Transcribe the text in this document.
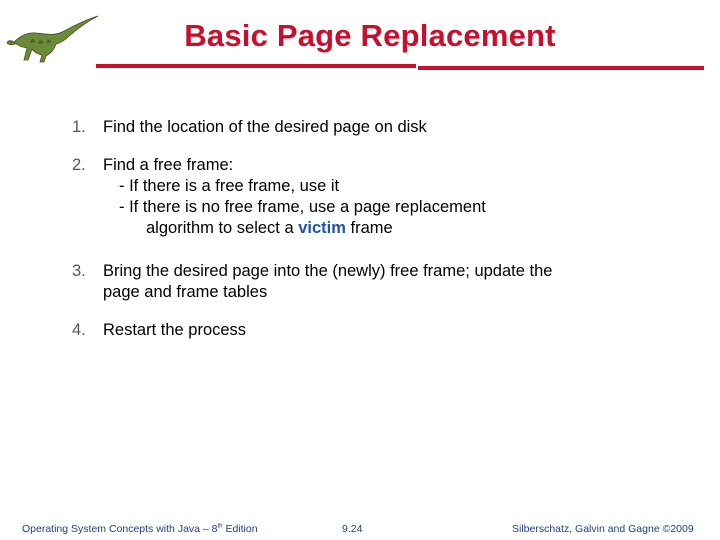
Basic Page Replacement
1.	Find the location of the desired page on disk
2.	Find a free frame:
- If there is a free frame, use it
- If there is no free frame, use a page replacement
algorithm to select a victim frame
3.	Bring the desired page into the (newly) free frame; update the
page and frame tables
4.	Restart the process
Operating System Concepts with Java – 8th Edition	9.24	Silberschatz, Galvin and Gagne ©2009
